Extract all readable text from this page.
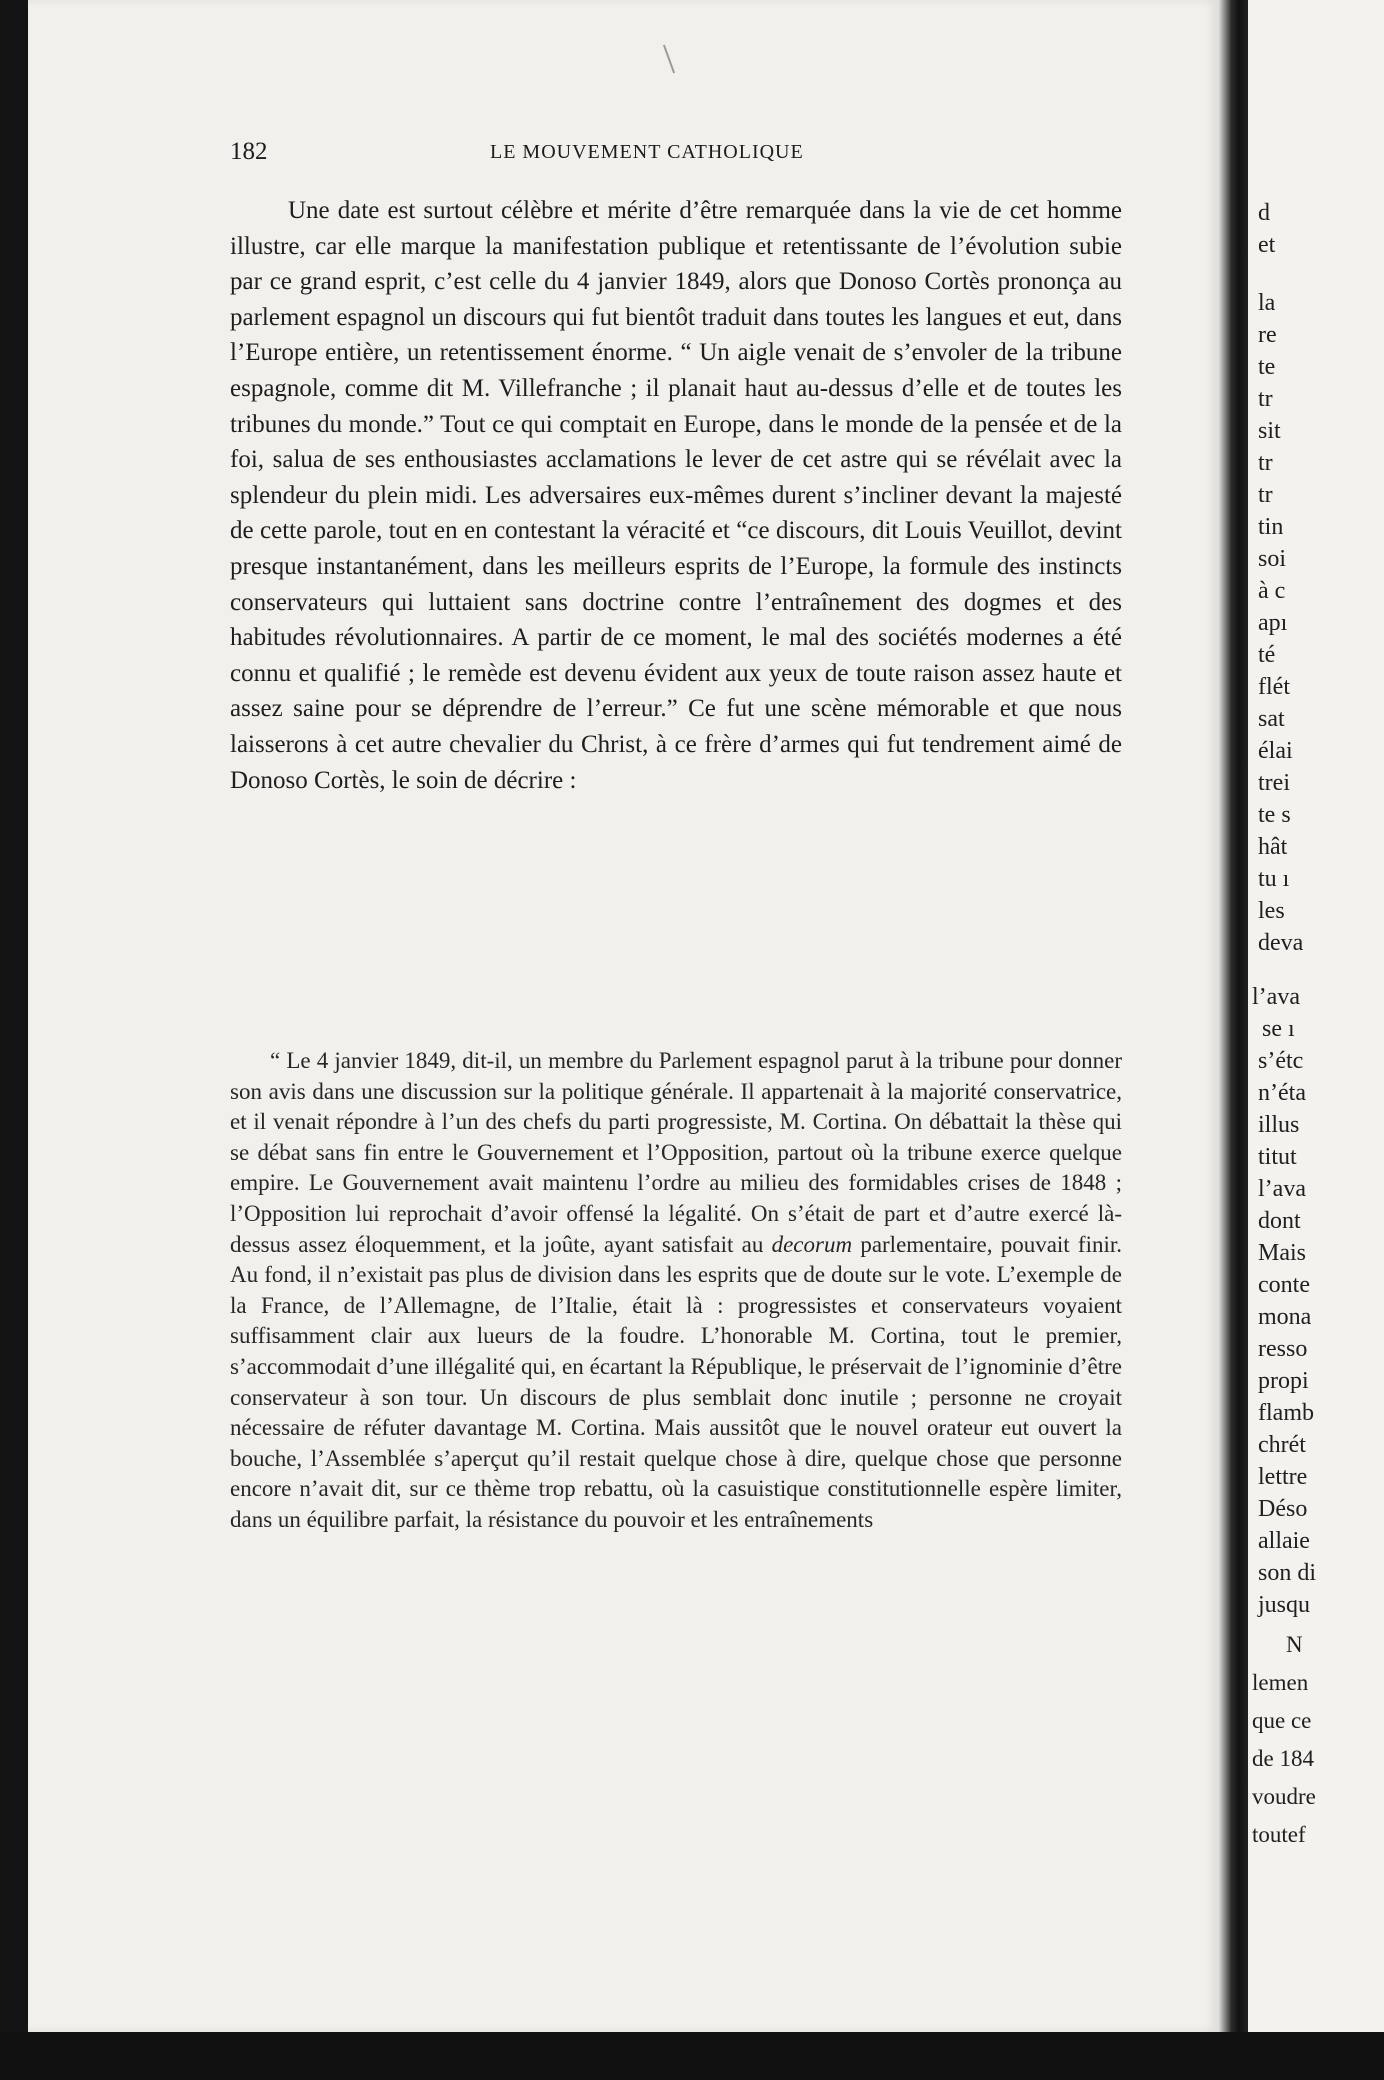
d
et
la
re
te
tr
sit
tr
tr
tin
soi
à c
apı
té
flét
sat
élai
trei
te s
hât
tu ı
les
deva
l’ava
se ı
s’étc
n’éta
illus
titut
l’ava
dont
Mais
conte
mona
resso
propi
flamb
chrét
lettre
Déso
allaie
son di
jusqu
N
lemen
que ce
de 184
voudre
toutef
182	LE MOUVEMENT CATHOLIQUE

Une date est surtout célèbre et mérite d’être remarquée dans la vie de cet homme illustre, car elle marque la manifestation publique et retentissante de l’évolution subie par ce grand esprit, c’est celle du 4 janvier 1849, alors que Donoso Cortès prononça au parlement espagnol un discours qui fut bientôt traduit dans toutes les langues et eut, dans l’Europe entière, un retentissement énorme. “ Un aigle venait de s’envoler de la tribune espagnole, comme dit M. Villefranche ; il planait haut au-dessus d’elle et de toutes les tribunes du monde.” Tout ce qui comptait en Europe, dans le monde de la pensée et de la foi, salua de ses enthousiastes acclamations le lever de cet astre qui se révélait avec la splendeur du plein midi. Les adversaires eux-mêmes durent s’incliner devant la majesté de cette parole, tout en en contestant la véracité et “ce discours, dit Louis Veuillot, devint presque instantanément, dans les meilleurs esprits de l’Europe, la formule des instincts conservateurs qui luttaient sans doctrine contre l’entraînement des dogmes et des habitudes révolutionnaires. A partir de ce moment, le mal des sociétés modernes a été connu et qualifié ; le remède est devenu évident aux yeux de toute raison assez haute et assez saine pour se déprendre de l’erreur.” Ce fut une scène mémorable et que nous laisserons à cet autre chevalier du Christ, à ce frère d’armes qui fut tendrement aimé de Donoso Cortès, le soin de décrire :

“ Le 4 janvier 1849, dit-il, un membre du Parlement espagnol parut à la tribune pour donner son avis dans une discussion sur la politique générale. Il appartenait à la majorité conservatrice, et il venait répondre à l’un des chefs du parti progressiste, M. Cortina. On débattait la thèse qui se débat sans fin entre le Gouvernement et l’Opposition, partout où la tribune exerce quelque empire. Le Gouvernement avait maintenu l’ordre au milieu des formidables crises de 1848 ; l’Opposition lui reprochait d’avoir offensé la légalité. On s’était de part et d’autre exercé là-dessus assez éloquemment, et la joûte, ayant satisfait au decorum parlementaire, pouvait finir. Au fond, il n’existait pas plus de division dans les esprits que de doute sur le vote. L’exemple de la France, de l’Allemagne, de l’Italie, était là : progressistes et conservateurs voyaient suffisamment clair aux lueurs de la foudre. L’honorable M. Cortina, tout le premier, s’accommodait d’une illégalité qui, en écartant la République, le préservait de l’ignominie d’être conservateur à son tour. Un discours de plus semblait donc inutile ; personne ne croyait nécessaire de réfuter davantage M. Cortina. Mais aussitôt que le nouvel orateur eut ouvert la bouche, l’Assemblée s’aperçut qu’il restait quelque chose à dire, quelque chose que personne encore n’avait dit, sur ce thème trop rebattu, où la casuistique constitutionnelle espère limiter, dans un équilibre parfait, la résistance du pouvoir et les entraînements
